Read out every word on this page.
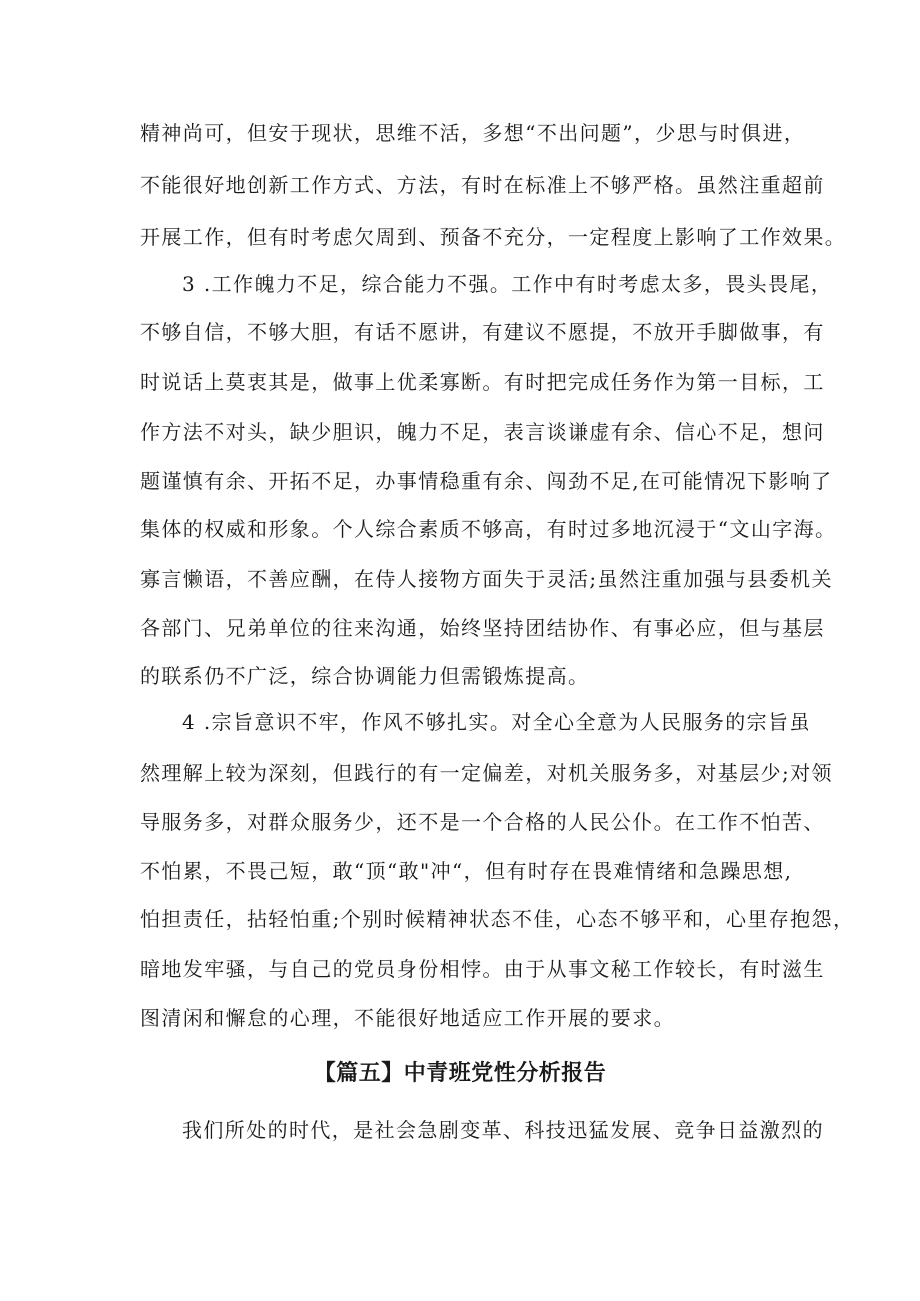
精神尚可，但安于现状，思维不活，多想“不出问题”，少思与时俱进，
不能很好地创新工作方式、方法，有时在标准上不够严格。虽然注重超前
开展工作，但有时考虑欠周到、预备不充分，一定程度上影响了工作效果。
3 .工作魄力不足，综合能力不强。工作中有时考虑太多，畏头畏尾，
不够自信，不够大胆，有话不愿讲，有建议不愿提，不放开手脚做事，有
时说话上莫衷其是，做事上优柔寡断。有时把完成任务作为第一目标，工
作方法不对头，缺少胆识，魄力不足，表言谈谦虚有余、信心不足，想问
题谨慎有余、开拓不足，办事情稳重有余、闯劲不足,在可能情况下影响了
集体的权威和形象。个人综合素质不够高，有时过多地沉浸于“文山字海。
寡言懒语，不善应酬，在侍人接物方面失于灵活;虽然注重加强与县委机关
各部门、兄弟单位的往来沟通，始终坚持团结协作、有事必应，但与基层
的联系仍不广泛，综合协调能力但需锻炼提高。
4 .宗旨意识不牢，作风不够扎实。对全心全意为人民服务的宗旨虽
然理解上较为深刻，但践行的有一定偏差，对机关服务多，对基层少;对领
导服务多，对群众服务少，还不是一个合格的人民公仆。在工作不怕苦、
不怕累，不畏己短，敢“顶“敢"冲“，但有时存在畏难情绪和急躁思想,
怕担责任，拈轻怕重;个别时候精神状态不佳，心态不够平和，心里存抱怨，
暗地发牢骚，与自己的党员身份相悖。由于从事文秘工作较长，有时滋生
图清闲和懈怠的心理，不能很好地适应工作开展的要求。
【篇五】中青班党性分析报告
我们所处的时代，是社会急剧变革、科技迅猛发展、竞争日益激烈的
